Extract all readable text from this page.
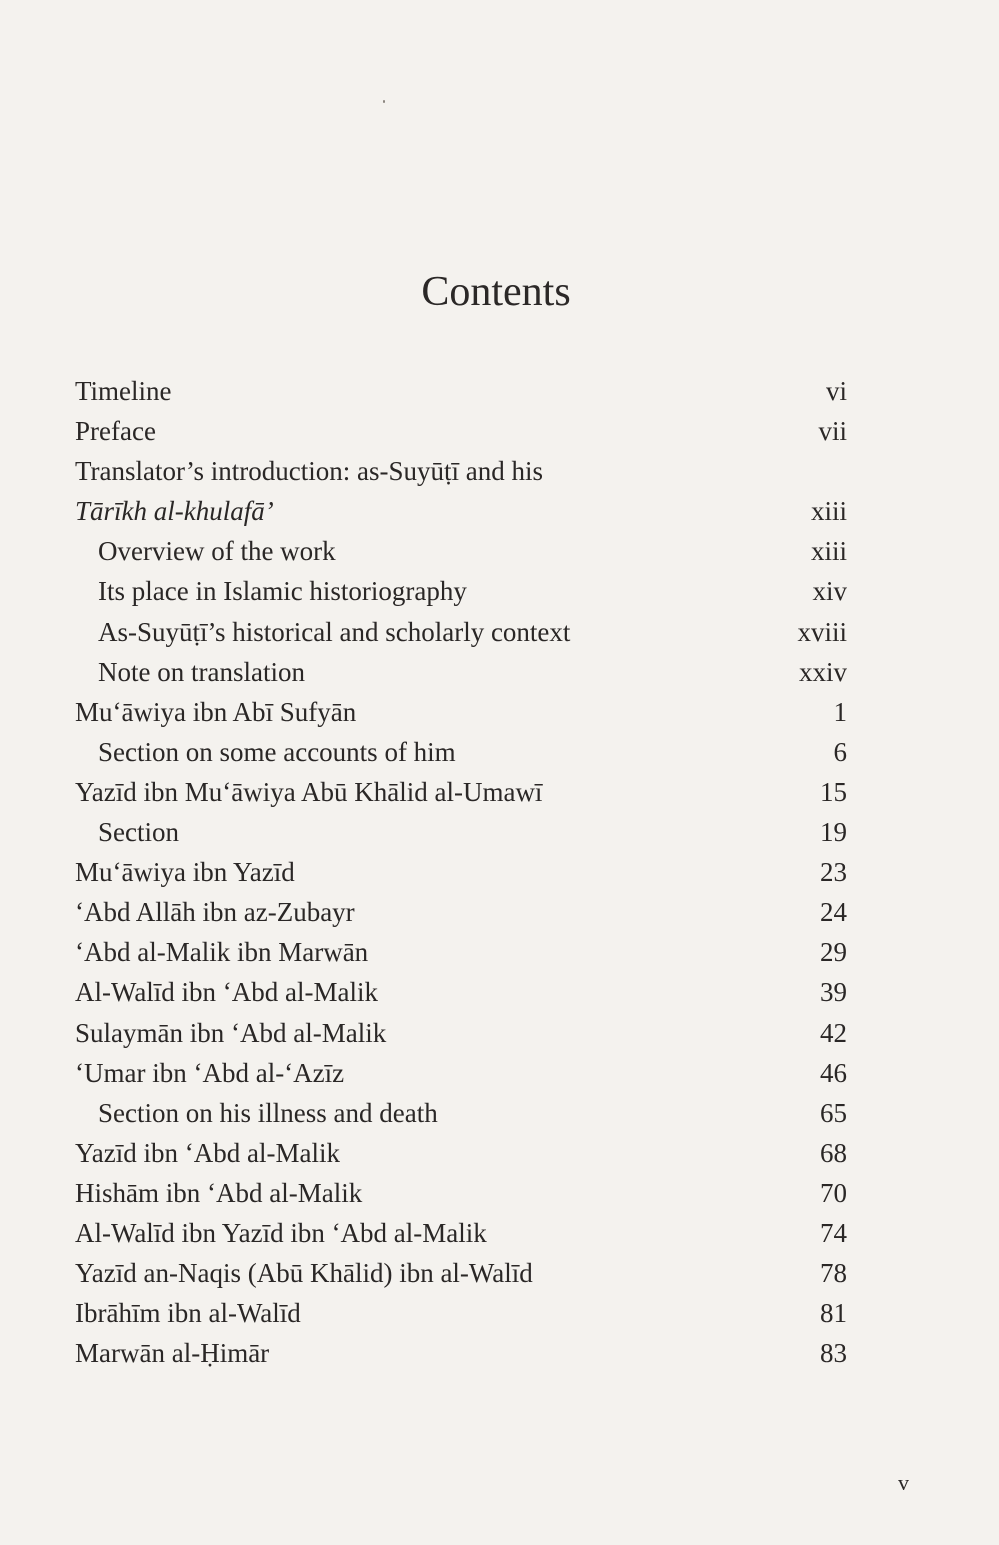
Contents
Timeline	vi
Preface	vii
Translator’s introduction: as-Suyūṭī and his
Tārīkh al-khulafā’	xiii
Overview of the work	xiii
Its place in Islamic historiography	xiv
As-Suyūṭī’s historical and scholarly context	xviii
Note on translation	xxiv
Mu‘āwiya ibn Abī Sufyān	1
Section on some accounts of him	6
Yazīd ibn Mu‘āwiya Abū Khālid al-Umawī	15
Section	19
Mu‘āwiya ibn Yazīd	23
‘Abd Allāh ibn az-Zubayr	24
‘Abd al-Malik ibn Marwān	29
Al-Walīd ibn ‘Abd al-Malik	39
Sulaymān ibn ‘Abd al-Malik	42
‘Umar ibn ‘Abd al-‘Azīz	46
Section on his illness and death	65
Yazīd ibn ‘Abd al-Malik	68
Hishām ibn ‘Abd al-Malik	70
Al-Walīd ibn Yazīd ibn ‘Abd al-Malik	74
Yazīd an-Naqis (Abū Khālid) ibn al-Walīd	78
Ibrāhīm ibn al-Walīd	81
Marwān al-Ḥimār	83
v
